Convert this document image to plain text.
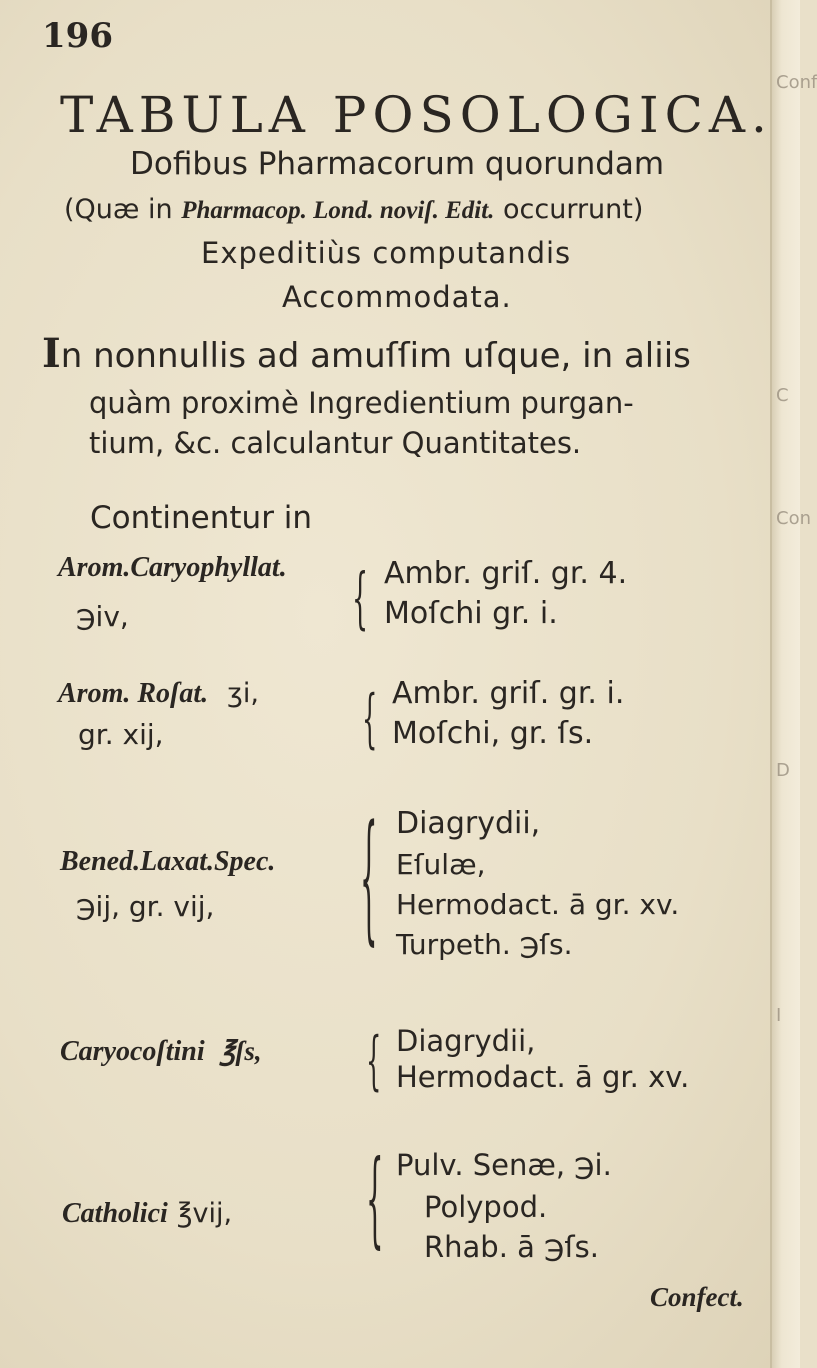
Conf
C
Con
D
I
196
TABULA POSOLOGICA.
Dofibus Pharmacorum quorundam
(Quæ in Pharmacop. Lond. noviſ. Edit. occurrunt)
Expeditiùs computandis
Accommodata.
In nonnullis ad amuſſim uſque, in aliis
quàm proximè Ingredientium purgan-
tium, &c. calculantur Quantitates.
Continentur in
Arom.Caryophyllat.
℈iv,	{ Ambr. griſ. gr. 4.
Moſchi gr. i.
Arom. Roſat. ʒi,
gr. xij,	{ Ambr. griſ. gr. i.
Moſchi, gr. ſs.
Bened.Laxat.Spec.
℈ij, gr. vij,	{ Diagrydii,
Eſulæ,
Hermodact. ā gr. xv.
Turpeth. ℈ſs.
Caryocoſtini ℥ſs, { Diagrydii,
Hermodact. ā gr. xv.
Catholici ℥vij,	{ Pulv. Senæ, ℈i.
Polypod.
Rhab. ā ℈ſs.
Confect.
